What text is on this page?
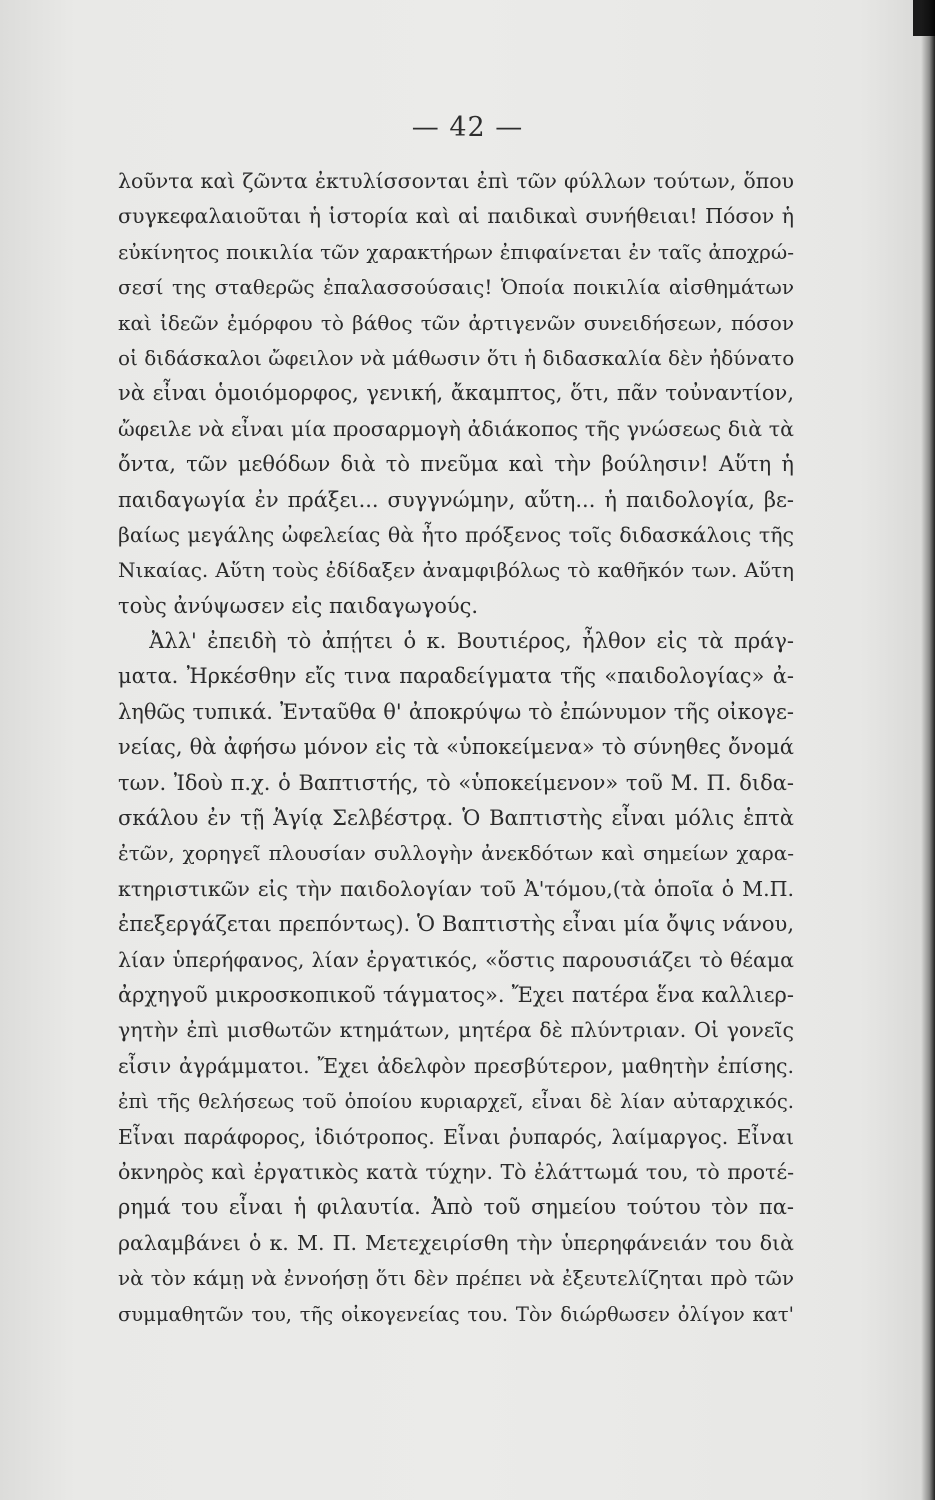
— 42 —
λοῦντα καὶ ζῶντα ἐκτυλίσσονται ἐπὶ τῶν φύλλων τούτων, ὅπου
συγκεφαλαιοῦται ἡ ἱστορία καὶ αἱ παιδικαὶ συνήθειαι! Πόσον ἡ
εὐκίνητος ποικιλία τῶν χαρακτήρων ἐπιφαίνεται ἐν ταῖς ἀποχρώ-
σεσί της σταθερῶς ἐπαλασσούσαις! Ὁποία ποικιλία αἰσθημάτων
καὶ ἰδεῶν ἐμόρφου τὸ βάθος τῶν ἀρτιγενῶν συνειδήσεων, πόσον
οἱ διδάσκαλοι ὤφειλον νὰ μάθωσιν ὅτι ἡ διδασκαλία δὲν ἠδύνατο
νὰ εἶναι ὁμοιόμορφος, γενική, ἄκαμπτος, ὅτι, πᾶν τοὐναντίον,
ὤφειλε νὰ εἶναι μία προσαρμογὴ ἀδιάκοπος τῆς γνώσεως διὰ τὰ
ὄντα, τῶν μεθόδων διὰ τὸ πνεῦμα καὶ τὴν βούλησιν! Αὕτη ἡ
παιδαγωγία ἐν πράξει... συγγνώμην, αὕτη... ἡ παιδολογία, βε-
βαίως μεγάλης ὠφελείας θὰ ἦτο πρόξενος τοῖς διδασκάλοις τῆς
Νικαίας. Αὕτη τοὺς ἐδίδαξεν ἀναμφιβόλως τὸ καθῆκόν των. Αὕτη
τοὺς ἀνύψωσεν εἰς παιδαγωγούς.
Ἀλλ' ἐπειδὴ τὸ ἀπῄτει ὁ κ. Βουτιέρος, ἦλθον εἰς τὰ πράγ-
ματα. Ἠρκέσθην εἴς τινα παραδείγματα τῆς «παιδολογίας» ἀ-
ληθῶς τυπικά. Ἐνταῦθα θ' ἀποκρύψω τὸ ἐπώνυμον τῆς οἰκογε-
νείας, θὰ ἀφήσω μόνον εἰς τὰ «ὑποκείμενα» τὸ σύνηθες ὄνομά
των. Ἰδοὺ π.χ. ὁ Βαπτιστής, τὸ «ὑποκείμενον» τοῦ Μ. Π. διδα-
σκάλου ἐν τῇ Ἁγίᾳ Σελβέστρᾳ. Ὁ Βαπτιστὴς εἶναι μόλις ἑπτὰ
ἐτῶν, χορηγεῖ πλουσίαν συλλογὴν ἀνεκδότων καὶ σημείων χαρα-
κτηριστικῶν εἰς τὴν παιδολογίαν τοῦ Ἀ'τόμου,(τὰ ὁποῖα ὁ Μ.Π.
ἐπεξεργάζεται πρεπόντως). Ὁ Βαπτιστὴς εἶναι μία ὄψις νάνου,
λίαν ὑπερήφανος, λίαν ἐργατικός, «ὅστις παρουσιάζει τὸ θέαμα
ἀρχηγοῦ μικροσκοπικοῦ τάγματος». Ἔχει πατέρα ἕνα καλλιερ-
γητὴν ἐπὶ μισθωτῶν κτημάτων, μητέρα δὲ πλύντριαν. Οἱ γονεῖς
εἶσιν ἀγράμματοι. Ἔχει ἀδελφὸν πρεσβύτερον, μαθητὴν ἐπίσης.
ἐπὶ τῆς θελήσεως τοῦ ὁποίου κυριαρχεῖ, εἶναι δὲ λίαν αὐταρχικός.
Εἶναι παράφορος, ἰδιότροπος. Εἶναι ῥυπαρός, λαίμαργος. Εἶναι
ὀκνηρὸς καὶ ἐργατικὸς κατὰ τύχην. Τὸ ἐλάττωμά του, τὸ προτέ-
ρημά του εἶναι ἡ φιλαυτία. Ἀπὸ τοῦ σημείου τούτου τὸν πα-
ραλαμβάνει ὁ κ. Μ. Π. Μετεχειρίσθη τὴν ὑπερηφάνειάν του διὰ
νὰ τὸν κάμῃ νὰ ἐννοήσῃ ὅτι δὲν πρέπει νὰ ἐξευτελίζηται πρὸ τῶν
συμμαθητῶν του, τῆς οἰκογενείας του. Τὸν διώρθωσεν ὀλίγον κατ'
